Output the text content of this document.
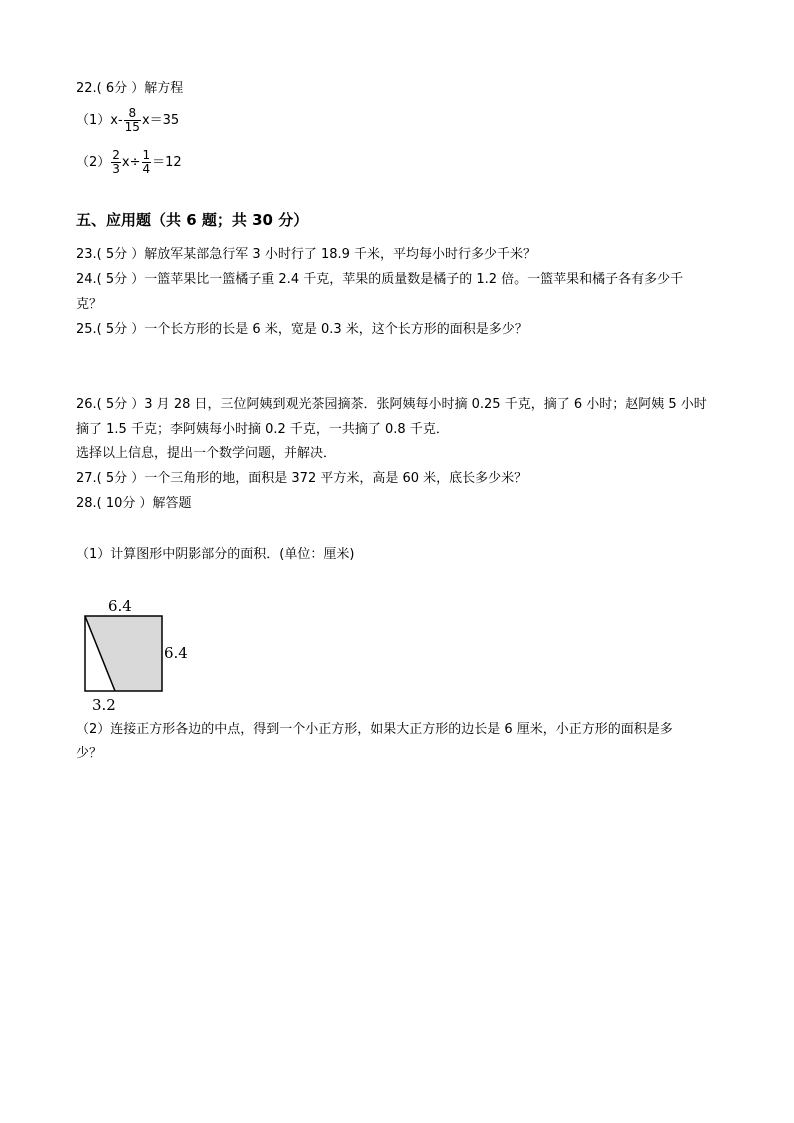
22.( 6分 ）解方程
$(1)x- \frac{8}{15} x=35$
$(2) \frac{2}{3} x\div \frac{1}{4} =12$
五、应用题（共 6 题；共 30 分）
23.( 5分 ）解放军某部急行军 3 小时行了 18.9 千米，平均每小时行多少千米？
24.( 5分 ）一篮苹果比一篮橘子重 2.4 千克，苹果的质量数是橘子的 1.2 倍。一篮苹果和橘子各有多少千
克？
25.( 5分 ）一个长方形的长是 6 米，宽是 0.3 米，这个长方形的面积是多少？
26.( 5分 ）3 月 28 日，三位阿姨到观光茶园摘茶．张阿姨每小时摘 0.25 千克，摘了 6 小时；赵阿姨 5 小时
摘了 1.5 千克；李阿姨每小时摘 0.2 千克，一共摘了 0.8 千克．
选择以上信息，提出一个数学问题，并解决．
27.( 5分 ）一个三角形的地，面积是 372 平方米，高是 60 米，底长多少米？
28.( 10分 ）解答题
（1）计算图形中阴影部分的面积．(单位：厘米)
6.4
6.4
3.2
（2）连接正方形各边的中点，得到一个小正方形，如果大正方形的边长是 6 厘米，小正方形的面积是多
少？
